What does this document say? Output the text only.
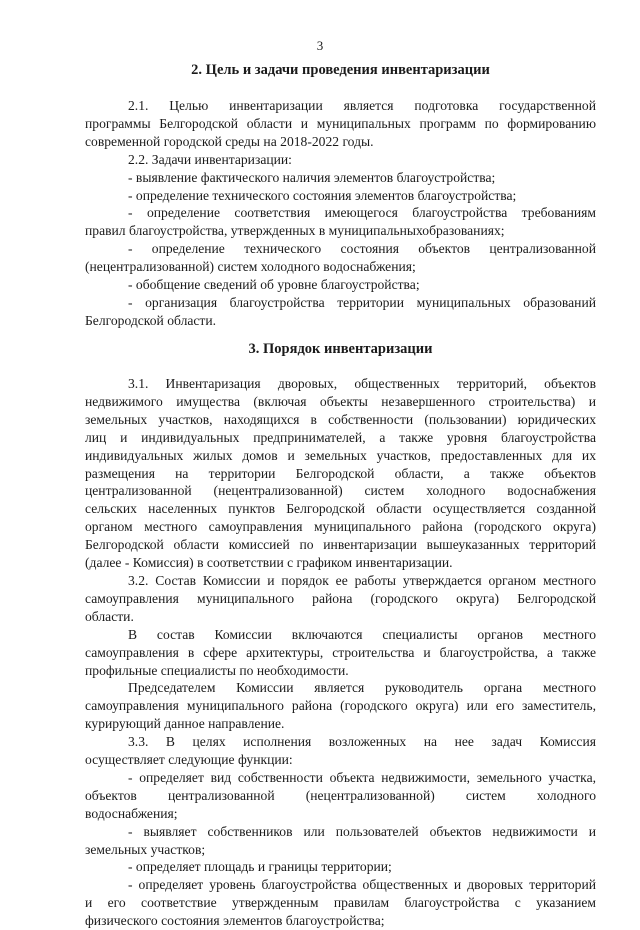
3
2. Цель и задачи проведения инвентаризации

2.1. Целью инвентаризации является подготовка государственной

программы Белгородской области и муниципальных программ по формированию

современной городской среды на 2018-2022 годы.

2.2. Задачи инвентаризации:

- выявление фактического наличия элементов благоустройства;

- определение технического состояния элементов благоустройства;

- определение соответствия имеющегося благоустройства требованиям

правил благоустройства, утвержденных в муниципальныхобразованиях;

- определение технического состояния объектов централизованной

(нецентрализованной) систем холодного водоснабжения;

- обобщение сведений об уровне благоустройства;

- организация благоустройства территории муниципальных образований

Белгородской области.

3. Порядок инвентаризации

3.1. Инвентаризация дворовых, общественных территорий, объектов

недвижимого имущества (включая объекты незавершенного строительства) и

земельных участков, находящихся в собственности (пользовании) юридических

лиц и индивидуальных предпринимателей, а также уровня благоустройства

индивидуальных жилых домов и земельных участков, предоставленных для их

размещения на территории Белгородской области, а также объектов

централизованной (нецентрализованной) систем холодного водоснабжения

сельских населенных пунктов Белгородской области осуществляется созданной

органом местного самоуправления муниципального района (городского округа)

Белгородской области комиссией по инвентаризации вышеуказанных территорий

(далее - Комиссия) в соответствии с графиком инвентаризации.

3.2. Состав Комиссии и порядок ее работы утверждается органом местного

самоуправления муниципального района (городского округа) Белгородской

области.

В состав Комиссии включаются специалисты органов местного

самоуправления в сфере архитектуры, строительства и благоустройства, а также

профильные специалисты по необходимости.

Председателем Комиссии является руководитель органа местного

самоуправления муниципального района (городского округа) или его заместитель,

курирующий данное направление.

3.3. В целях исполнения возложенных на нее задач Комиссия

осуществляет следующие функции:

- определяет вид собственности объекта недвижимости, земельного участка,

объектов централизованной (нецентрализованной) систем холодного

водоснабжения;

- выявляет собственников или пользователей объектов недвижимости и

земельных участков;

- определяет площадь и границы территории;

- определяет уровень благоустройства общественных и дворовых территорий

и его соответствие утвержденным правилам благоустройства с указанием

физического состояния элементов благоустройства;
